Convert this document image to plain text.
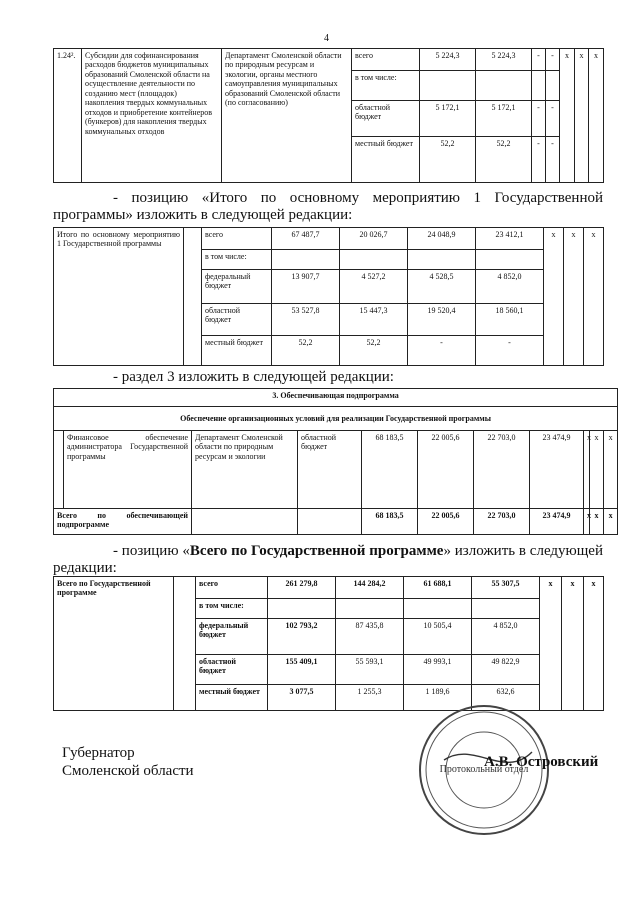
4
1.24².	Субсидии для софинансирования расходов бюджетов муниципальных образований Смоленской области на осуществление деятельности по созданию мест (площадок) накопления твердых коммунальных отходов и приобретение контейнеров (бункеров) для накопления твердых коммунальных отходов	Департамент Смоленской области по природным ресурсам и экологии, органы местного самоуправления муниципальных образований Смоленской области (по согласованию)	всего	5 224,3	5 224,3	-	-	x	x	x
			в том числе:							
			областной бюджет	5 172,1	5 172,1	-	-			
			местный бюджет	52,2	52,2	-	-			
- позицию «Итого по основному мероприятию 1 Государственной программы» изложить в следующей редакции:
Итого по основному мероприятию 1 Государственной программы		всего	67 487,7	20 026,7	24 048,9	23 412,1	x	x	x
		в том числе:							
		федеральный бюджет	13 907,7	4 527,2	4 528,5	4 852,0			
		областной бюджет	53 527,8	15 447,3	19 520,4	18 560,1			
		местный бюджет	52,2	52,2	-	-			
- раздел 3 изложить в следующей редакции:
3. Обеспечивающая подпрограмма										
Обеспечение организационных условий для реализации Государственной программы										
	Финансовое обеспечение администратора Государственной программы	Департамент Смоленской области по природным ресурсам и экологии	областной бюджет	68 183,5	22 005,6	22 703,0	23 474,9	x	x	x
Всего по обеспечивающей подпрограмме				68 183,5	22 005,6	22 703,0	23 474,9	x	x	x
- позицию «Всего по Государственной программе» изложить в следующей редакции:
Всего по Государственной программе		всего	261 279,8	144 284,2	61 688,1	55 307,5	x	x	x
		в том числе:							
		федеральный бюджет	102 793,2	87 435,8	10 505,4	4 852,0			
		областной бюджет	155 409,1	55 593,1	49 993,1	49 822,9			
		местный бюджет	3 077,5	1 255,3	1 189,6	632,6			
Губернатор
Смоленской области	Протокольный отдел
А.В. Островский
